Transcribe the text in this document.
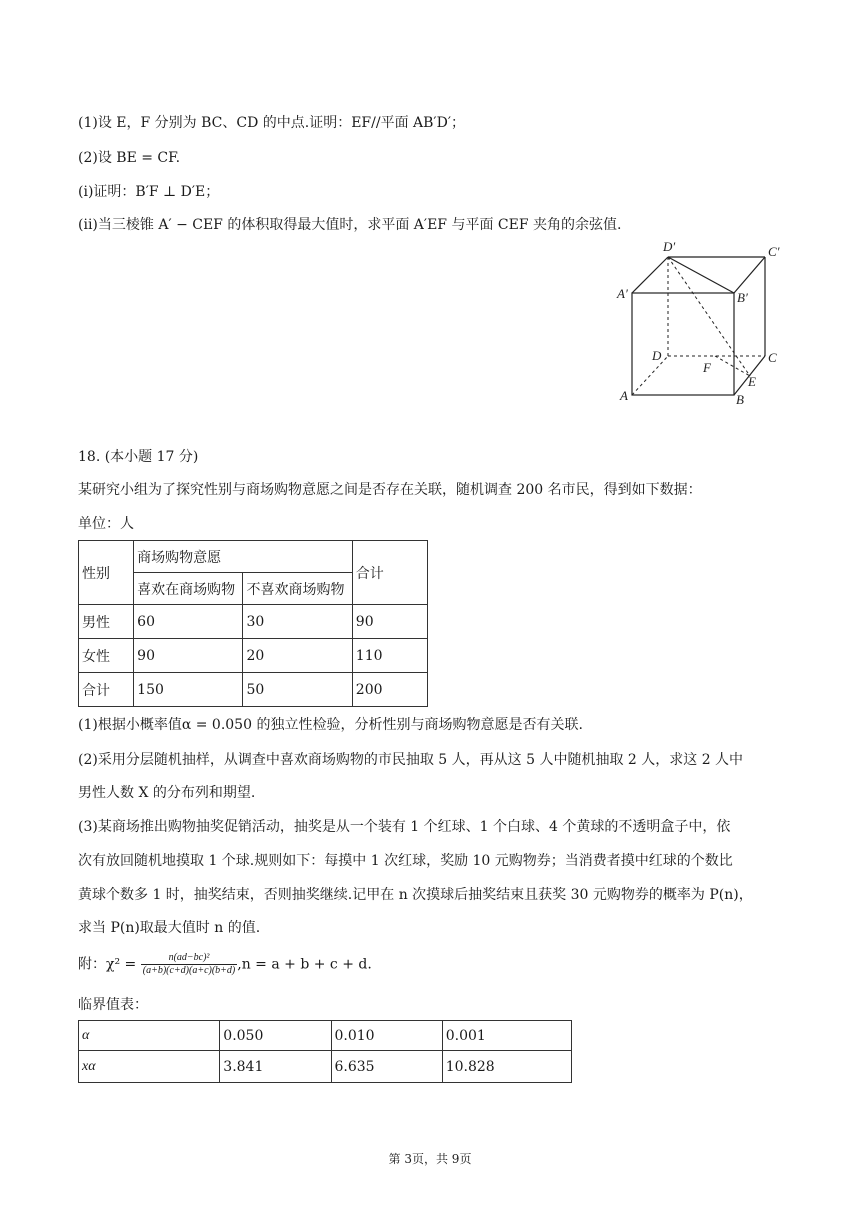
(1)设 E，F 分别为 BC、CD 的中点.证明：EF//平面 AB′D′；
(2)设 BE = CF.
(i)证明：B′F ⊥ D′E；
(ii)当三棱锥 A′ − CEF 的体积取得最大值时，求平面 A′EF 与平面 CEF 夹角的余弦值.
D′	C′
A′	B′
D	C
A	B
E
F
18. (本小题 17 分)
某研究小组为了探究性别与商场购物意愿之间是否存在关联，随机调查 200 名市民，得到如下数据：
单位：人
性别	商场购物意愿		合计
	喜欢在商场购物	不喜欢商场购物	
男性	60	30	90
女性	90	20	110
合计	150	50	200
(1)根据小概率值α = 0.050 的独立性检验，分析性别与商场购物意愿是否有关联.
(2)采用分层随机抽样，从调查中喜欢商场购物的市民抽取 5 人，再从这 5 人中随机抽取 2 人，求这 2 人中
男性人数 X 的分布列和期望.
(3)某商场推出购物抽奖促销活动，抽奖是从一个装有 1 个红球、1 个白球、4 个黄球的不透明盒子中，依
次有放回随机地摸取 1 个球.规则如下：每摸中 1 次红球，奖励 10 元购物券；当消费者摸中红球的个数比
黄球个数多 1 时，抽奖结束，否则抽奖继续.记甲在 n 次摸球后抽奖结束且获奖 30 元购物券的概率为 P(n)，
求当 P(n)取最大值时 n 的值.
附：$\chi^2 = \frac{\text{n(ad−bc)²}}{(a+b)(c+d)(a+c)(b+d)} ,n = a + b + c + d$.
临界值表：
α	0.050	0.010	0.001
xα	3.841	6.635	10.828
第 3页，共 9页
